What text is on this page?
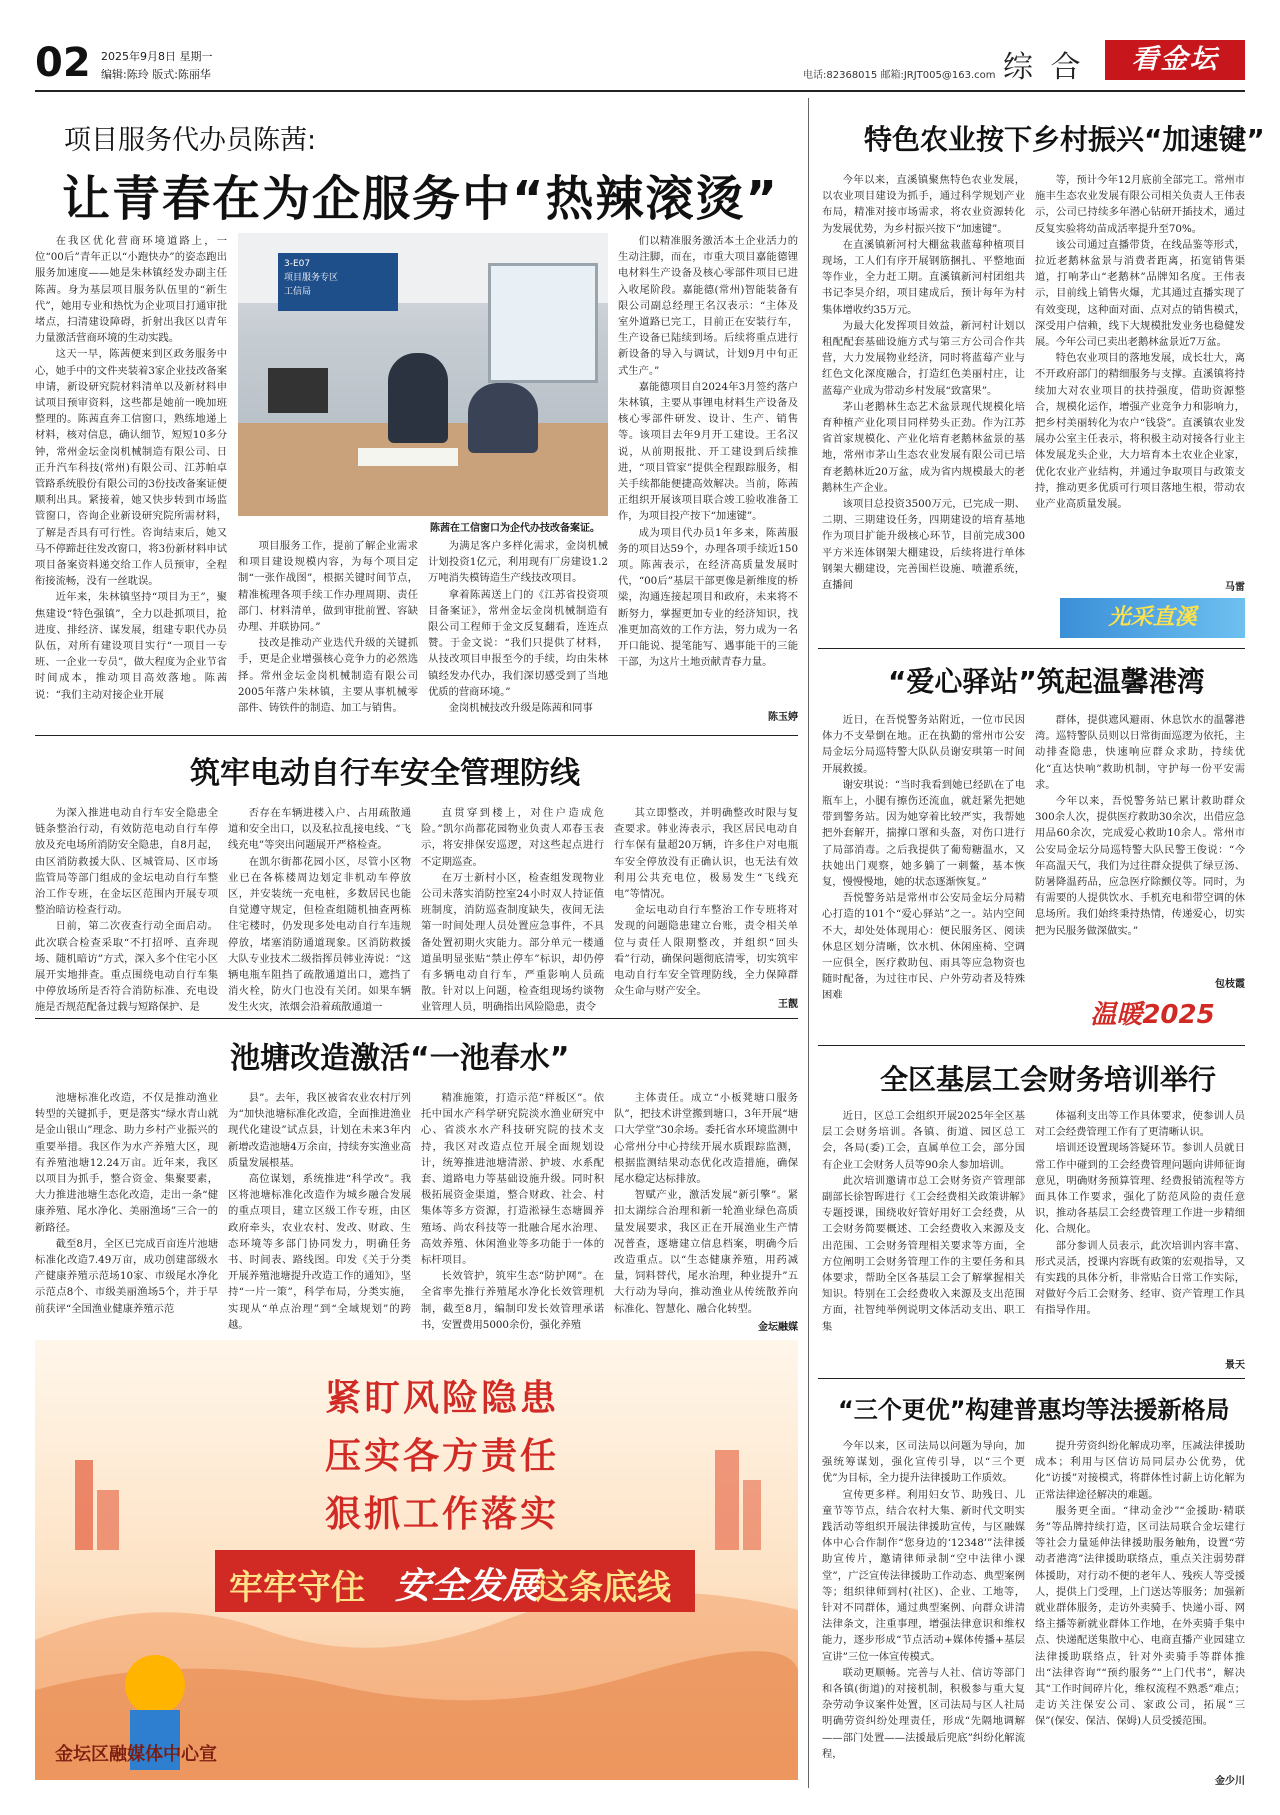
02 2025年9月8日 星期一
编辑:陈玲 版式:陈丽华	电话:82368015 邮箱:JRJT005@163.com 综 合	看金坛
项目服务代办员陈茜:
让青春在为企服务中“热辣滚烫”

在我区优化营商环境道路上，一位“00后”青年正以“小跑快办”的姿态跑出服务加速度——她是朱林镇经发办副主任陈茜。身为基层项目服务队伍里的“新生代”，她用专业和热忱为企业项目打通审批堵点，扫清建设障碍，折射出我区以青年力量激活营商环境的生动实践。

这天一早，陈茜便来到区政务服务中心，她手中的文件夹装着3家企业技改备案申请，新设研究院材料清单以及新材料申试项目预审资料，这些都是她前一晚加班整理的。陈茜直奔工信窗口，熟练地递上材料，核对信息，确认细节，短短10多分钟，常州金坛金岗机械制造有限公司、日正升汽车科技(常州)有限公司、江苏帕卓管路系统股份有限公司的3份技改备案证便顺利出具。紧接着，她又快步转到市场监管窗口，咨询企业新设研究院所需材料，了解是否具有可行性。咨询结束后，她又马不停蹄赶往发改窗口，将3份新材料申试项目备案资料递交给工作人员预审，全程衔接流畅，没有一丝耽误。

近年来，朱林镇坚持“项目为王”，聚焦建设“特色强镇”，全力以赴抓项目，抢进度、排经济、谋发展，组建专职代办员队伍，对所有建设项目实行“一项目一专班、一企业一专员”，做大程度为企业节省时间成本，推动项目高效落地。陈茜说：“我们主动对接企业开展

3-E07
项目服务专区
工信局
陈茜在工信窗口为企代办技改备案证。

项目服务工作，提前了解企业需求和项目建设规模内容，为每个项目定制“一张作战图”，根据关键时间节点，精准梳理各项手续工作办理周期、责任部门、材料清单，做到审批前置、容缺办理、并联协同。”

技改是推动产业迭代升级的关键抓手，更是企业增强核心竞争力的必然选择。常州金坛金岗机械制造有限公司2005年落户朱林镇，主要从事机械零部件、铸铁件的制造、加工与销售。

为满足客户多样化需求，金岗机械计划投资1亿元，利用现有厂房建设1.2万吨消失模铸造生产线技改项目。

拿着陈茜送上门的《江苏省投资项目备案证》，常州金坛金岗机械制造有限公司工程师于金文反复翻看，连连点赞。于金文说：“我们只提供了材料，从技改项目申报至今的手续，均由朱林镇经发办代办，我们深切感受到了当地优质的营商环境。”

金岗机械技改升级是陈茜和同事

们以精准服务激活本土企业活力的生动注脚，而在，市重大项目嘉能德锂电材料生产设备及核心零部件项目已进入收尾阶段。嘉能德(常州)智能装备有限公司副总经理王名汉表示：“主体及室外道路已完工，目前正在安装行车，生产设备已陆续到场。后续将重点进行新设备的导入与调试，计划9月中旬正式生产。”

嘉能德项目自2024年3月签约落户朱林镇，主要从事锂电材料生产设备及核心零部件研发、设计、生产、销售等。该项目去年9月开工建设。王名汉说，从前期报批、开工建设到后续推进，“项目管家”提供全程跟踪服务，相关手续都能便捷高效解决。当前，陈茜正组织开展该项目联合竣工验收准备工作，为项目投产按下“加速键”。

成为项目代办员1年多来，陈茜服务的项目达59个，办理各项手续近150项。陈茜表示，在经济高质量发展时代，“00后”基层干部更像是新维度的桥梁，沟通连接起项目和政府，未来将不断努力，掌握更加专业的经济知识，找准更加高效的工作方法，努力成为一名开口能说、提笔能写、遇事能干的三能干部，为这片土地贡献青春力量。

陈玉婷
筑牢电动自行车安全管理防线

为深入推进电动自行车安全隐患全链条整治行动，有效防范电动自行车停放及充电场所消防安全隐患，自8月起，由区消防救援大队、区城管局、区市场监管局等部门组成的金坛电动自行车整治工作专班，在金坛区范围内开展专项整治暗访检查行动。

日前，第二次夜查行动全面启动。此次联合检查采取“不打招呼、直奔现场、随机暗访”方式，深入多个住宅小区展开实地排查。重点围绕电动自行车集中停放场所是否符合消防标准、充电设施是否规范配备过载与短路保护、是

否存在车辆进楼入户、占用疏散通道和安全出口，以及私拉乱接电线、“飞线充电”等突出问题展开严格检查。

在凯尔街都花园小区，尽管小区物业已在各栋楼周边划定非机动车停放区，并安装统一充电桩，多数居民也能自觉遵守规定，但检查组随机抽查两栋住宅楼时，仍发现多处电动自行车违规停放，堵塞消防通道现象。区消防救援大队专业技术二级指挥员韩业涛说：“这辆电瓶车阻挡了疏散通道出口，遮挡了消火栓，防火门也没有关闭。如果车辆发生火灾，浓烟会沿着疏散通道一

直贯穿到楼上，对住户造成危险。”凯尔尚都花园物业负责人邓春玉表示，将安排保安巡逻，对这些起点进行不定期巡查。

在万士新村小区，检查组发现物业公司未落实消防控室24小时双人持证值班制度，消防巡查制度缺失，夜间无法第一时间处理人员处置应急事件，不具备处置初期火灾能力。部分单元一楼通道虽明显张贴“禁止停车”标识，却仍停有多辆电动自行车，严重影响人员疏散。针对以上问题，检查组现场约谈物业管理人员，明确指出风险隐患，责令

其立即整改，并明确整改时限与复查要求。韩业涛表示，我区居民电动自行车保有量超20万辆，许多住户对电瓶车安全停放没有正确认识，也无法有效利用公共充电位，极易发生“飞线充电”等情况。

金坛电动自行车整治工作专班将对发现的问题隐患建立台账，责令相关单位与责任人限期整改，并组织“回头看”行动，确保问题彻底清零，切实筑牢电动自行车安全管理防线，全力保障群众生命与财产安全。

王靓
池塘改造激活“一池春水”

池塘标准化改造，不仅是推动渔业转型的关键抓手，更是落实“绿水青山就是金山银山”理念、助力乡村产业振兴的重要举措。我区作为水产养殖大区，现有养殖池塘12.24万亩。近年来，我区以项目为抓手，整合资金、集聚要素，大力推进池塘生态化改造，走出一条“健康养殖、尾水净化、美丽渔场”三合一的新路径。

截至8月，全区已完成百亩连片池塘标准化改造7.49万亩，成功创建部级水产健康养殖示范场10家、市级尾水净化示范点8个、市级美丽渔场5个，并于早前获评“全国渔业健康养殖示范

县”。去年，我区被省农业农村厅列为“加快池塘标准化改造，全面推进渔业现代化建设”试点县，计划在未来3年内新增改造池塘4万余亩，持续夯实渔业高质量发展根基。

高位谋划，系统推进“科学改”。我区将池塘标准化改造作为城乡融合发展的重点项目，建立区级工作专班，由区政府牵头，农业农村、发改、财政、生态环境等多部门协同发力，明确任务书、时间表、路线图。印发《关于分类开展养殖池塘提升改造工作的通知》，坚持“一片一策”，科学布局，分类实施，实现从“单点治理”到“全域规划”的跨越。

精准施策，打造示范“样板区”。依托中国水产科学研究院淡水渔业研究中心、省淡水水产科技研究院的技术支持，我区对改造点位开展全面规划设计，统筹推进池塘清淤、护坡、水系配套、道路电力等基础设施升级。同时积极拓展资金渠道，整合财政、社会、村集体等多方资源，打造淞禄生态塘圆养殖场、尚农科技等一批融合尾水治理、高效养殖、休闲渔业等多功能于一体的标杆项目。

长效管护，筑牢生态“防护网”。在全省率先推行养殖尾水净化长效管理机制，截至8月，编制印发长效管理承诺书，安置费用5000余份，强化养殖

主体责任。成立“小板凳塘口服务队”，把技术讲堂搬到塘口，3年开展“塘口大学堂”30余场。委托省水环境监测中心常州分中心持续开展水质跟踪监测，根据监测结果动态优化改造措施，确保尾水稳定达标排放。

智赋产业，激活发展“新引擎”。紧扣太湖综合治理和新一轮渔业绿色高质量发展要求，我区正在开展渔业生产情况普查，逐塘建立信息档案，明确今后改造重点。以“生态健康养殖，用药减量，饲料替代，尾水治理，种业提升”五大行动为导向，推动渔业从传统散养向标准化、智慧化、融合化转型。

金坛融媒
紧盯风险隐患
压实各方责任
狠抓工作落实
牢牢守住 安全发展
这条底线
金坛区融媒体中心宣
特色农业按下乡村振兴“加速键”

今年以来，直溪镇聚焦特色农业发展，以农业项目建设为抓手，通过科学规划产业布局，精准对接市场需求，将农业资源转化为发展优势，为乡村振兴按下“加速键”。

在直溪镇新河村大棚盆栽蓝莓种植项目现场，工人们有序开展钢筋捆扎、平整地面等作业，全力赶工期。直溪镇新河村团组共书记李昊介绍，项目建成后，预计每年为村集体增收约35万元。

为最大化发挥项目效益，新河村计划以租配配套基础设施方式与第三方公司合作共营，大力发展物业经济，同时将蓝莓产业与红色文化深度融合，打造红色美丽村庄，让蓝莓产业成为带动乡村发展“致富果”。

茅山老鹅林生态艺术盆景现代规模化培育种植产业化项目同样势头正劲。作为江苏省首家规模化、产业化培育老鹅林盆景的基地，常州市茅山生态农业发展有限公司已培育老鹅林近20万盆，成为省内规模最大的老鹅林生产企业。

该项目总投资3500万元，已完成一期、二期、三期建设任务，四期建设的培育基地作为项目扩能升级核心环节，目前完成300平方米连体钢架大棚建设，后续将进行单体钢架大棚建设，完善围栏设施、喷灌系统，直播间

等，预计今年12月底前全部完工。常州市施丰生态农业发展有限公司相关负责人王伟表示，公司已持续多年潜心钻研开插技术，通过反复实验将幼苗成活率提升至70%。

该公司通过直播带货，在线品鉴等形式，拉近老鹅林盆景与消费者距离，拓宽销售渠道，打响茅山“老鹅林”品牌知名度。王伟表示，目前线上销售火爆，尤其通过直播实现了有效变现，这种面对面、点对点的销售模式，深受用户信赖，线下大规模批发业务也稳健发展。今年公司已卖出老鹅林盆景近7万盆。

特色农业项目的落地发展，成长壮大，离不开政府部门的精细服务与支撑。直溪镇将持续加大对农业项目的扶持强度，借助资源整合，规模化运作，增强产业竞争力和影响力，把乡村美丽转化为农户“钱袋”。直溪镇农业发展办公室主任表示，将积极主动对接各行业主体发展龙头企业，大力培育本土农业企业家，优化农业产业结构，并通过争取项目与政策支持，推动更多优质可行项目落地生根，带动农业产业高质量发展。

马雷
光采直溪
“爱心驿站”筑起温馨港湾

近日，在吾悦警务站附近，一位市民因体力不支晕倒在地。正在执勤的常州市公安局金坛分局巡特警大队队员谢安琪第一时间开展救援。

谢安琪说：“当时我看到她已经趴在了电瓶车上，小腿有擦伤还流血，就赶紧先把她带到警务站。因为她穿着比较严实，我帮她把外套解开，揣撑口罩和头盔，对伤口进行了局部消毒。之后我提供了葡萄糖温水，又扶她出门观察，她多躺了一刺鳖，基本恢复，慢慢慢地，她的状态逐渐恢复。”

吾悦警务站是常州市公安局金坛分局精心打造的101个“爱心驿站”之一。站内空间不大，却处处体现用心：便民服务区、阅读休息区划分清晰，饮水机、休闲座椅、空调一应俱全，医疗救助包、雨具等应急物资也随时配备，为过往市民、户外劳动者及特殊困难

群体，提供遮风避雨、休息饮水的温馨港湾。巡特警队员则以日常街面巡逻为依托，主动排查隐患，快速响应群众求助，持续优化“直达快响”救助机制，守护每一份平安需求。

今年以来，吾悦警务站已累计救助群众300余人次，提供医疗救助30余次，出借应急用品60余次，完成爱心救助10余人。常州市公安局金坛分局巡特警大队民警王俊说：“今年高温天气，我们为过往群众提供了绿豆汤、防暑降温药品，应急医疗除颤仪等。同时，为有需要的人提供饮水、手机充电和带空调的休息场所。我们始终秉持热情，传递爱心，切实把为民服务做深做实。”

包枝霞
温暖2025
全区基层工会财务培训举行

近日，区总工会组织开展2025年全区基层工会财务培训。各镇、街道、园区总工会，各局(委)工会，直属单位工会，部分国有企业工会财务人员等90余人参加培训。

此次培训邀请市总工会财务资产管理部副部长徐智晖进行《工会经费相关政策讲解》专题授课，围绕收好管好用好工会经费，从工会财务简要概述、工会经费收入来源及支出范围、工会财务管理相关要求等方面，全方位阐明工会财务管理工作的主要任务和具体要求，帮助全区各基层工会了解掌握相关知识。特别在工会经费收入来源及支出范围方面，社智纯举例说明文体活动支出、职工集

体福利支出等工作具体要求，使参训人员对工会经费管理工作有了更清晰认识。

培训还设置现场答疑环节。参训人员就日常工作中碰到的工会经费管理问题向讲师征询意见，明确财务预算管理、经费报销流程等方面具体工作要求，强化了防范风险的责任意识，推动各基层工会经费管理工作进一步精细化、合规化。

部分参训人员表示，此次培训内容丰富、形式灵活，授课内容既有政策的宏观指导，又有实践的具体分析，非常贴合日常工作实际，对做好今后工会财务、经审、资产管理工作具有指导作用。

景天
“三个更优”构建普惠均等法援新格局

今年以来，区司法局以问题为导向，加强统筹谋划，强化宣传引导，以“三个更优”为目标，全力提升法律援助工作质效。

宣传更多样。利用妇女节、助残日、儿童节等节点，结合农村大集、新时代文明实践活动等组织开展法律援助宣传，与区融媒体中心合作制作“您身边的‘12348’”法律援助宣传片，邀请律师录制“空中法律小课堂”，广泛宣传法律援助工作动态、典型案例等；组织律师到村(社区)、企业、工地等，针对不同群体，通过典型案例、向群众讲清法律条文，注重事理，增强法律意识和维权能力，逐步形成“节点活动+媒体传播+基层宣讲”三位一体宣传模式。

联动更顺畅。完善与人社、信访等部门和各镇(街道)的对接机制，积极参与重大复杂劳动争议案件处置，区司法局与区人社局明确劳资纠纷处理责任，形成“先隔地调解——部门处置——法援最后兜底”纠纷化解流程，

提升劳资纠纷化解成功率，压减法律援助成本；利用与区信访局同层办公优势，优化“访援”对接模式，将群体性讨薪上访化解为正常法律途径解决的难题。

服务更全面。“律动金沙”“金援助·精联务”等品牌持续打造，区司法局联合金坛建行等社会力量延伸法律援助服务触角，设置“劳动者港湾”法律援助联络点，重点关注弱势群体援助，对行动不便的老年人、残疾人等受援人，提供上门受理，上门送达等服务；加强新就业群体服务，走访外卖骑手、快递小哥、网络主播等新就业群体工作地，在外卖骑手集中点、快递配送集散中心、电商直播产业园建立法律援助联络点，针对外卖骑手等群体推出“法律咨询”“预约服务”“上门代书”，解决其“工作时间碎片化，维权流程不熟悉”难点；走访关注保安公司、家政公司，拓展“三保”(保安、保洁、保姆)人员受援范围。

金少川
